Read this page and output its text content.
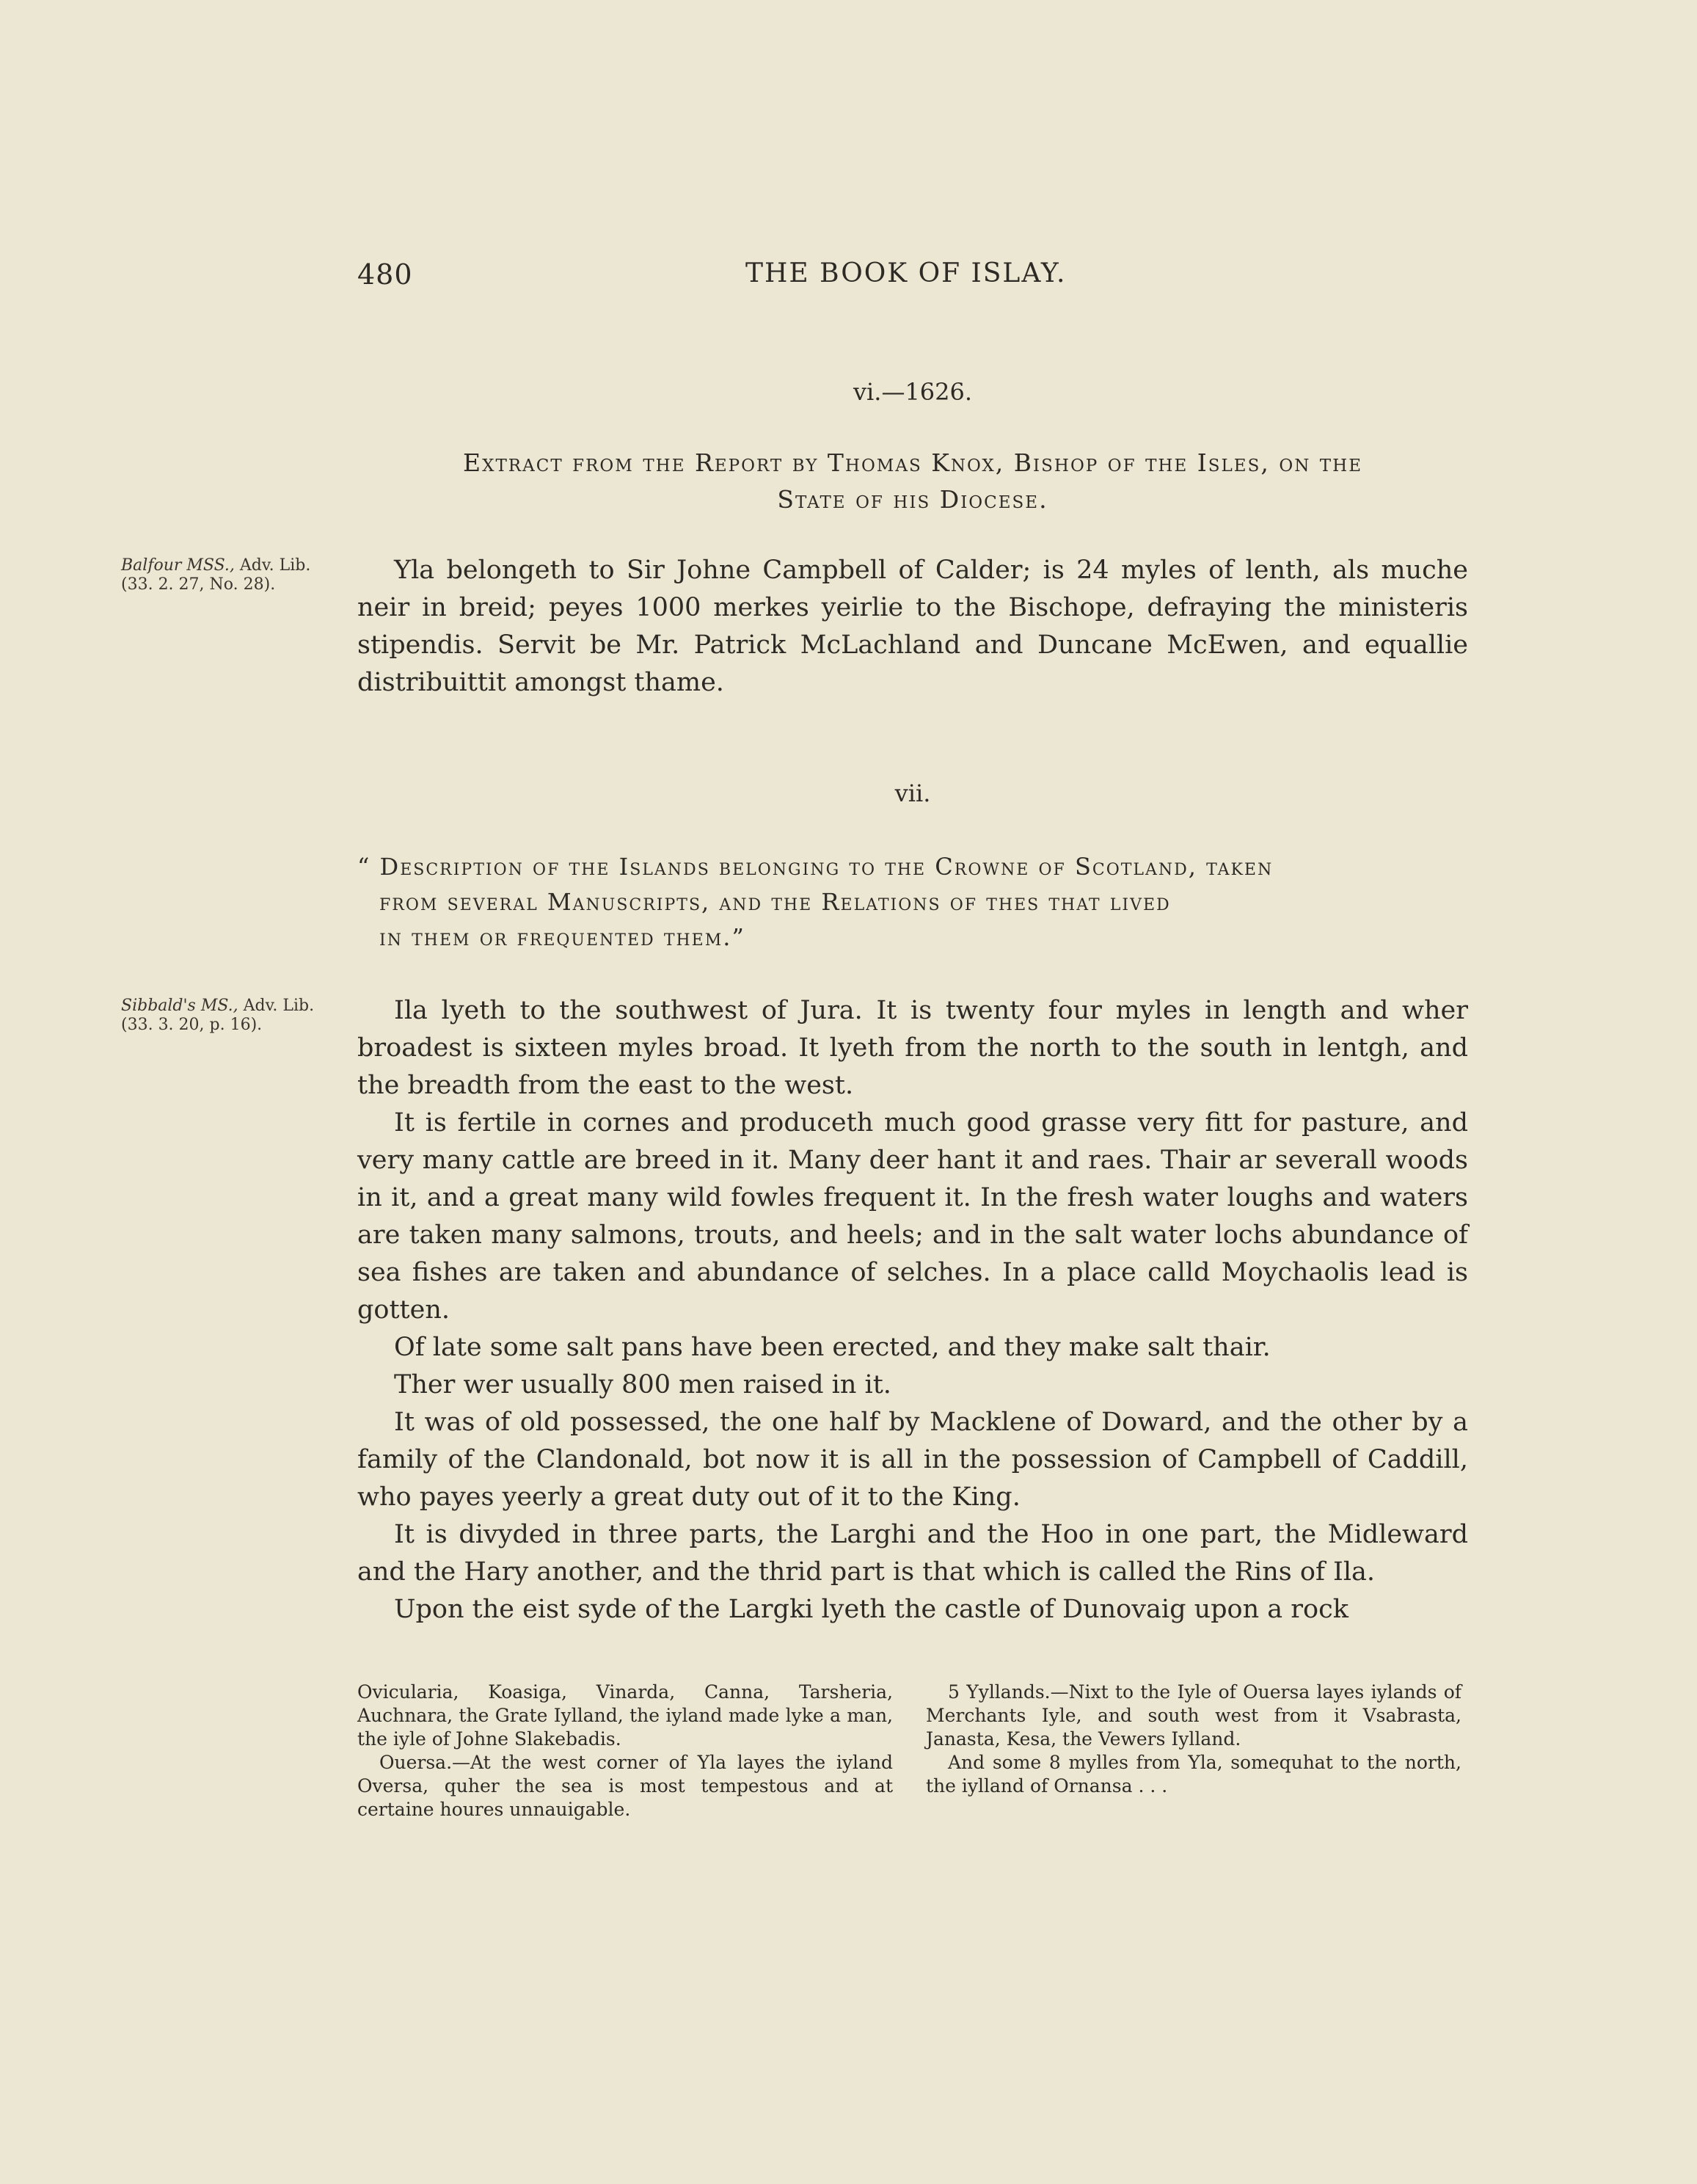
480	THE BOOK OF ISLAY.
vi.—1626.
Extract from the Report by Thomas Knox, Bishop of the Isles, on the
State of his Diocese.
Balfour MSS., Adv. Lib. (33. 2. 27, No. 28).	Yla belongeth to Sir Johne Campbell of Calder; is 24 myles of lenth, als muche neir in breid; peyes 1000 merkes yeirlie to the Bischope, defraying the ministeris stipendis. Servit be Mr. Patrick McLachland and Duncane McEwen, and equallie distribuittit amongst thame.

vii.
“ Description of the Islands belonging to the Crowne of Scotland, taken
from several Manuscripts, and the Relations of thes that lived
in them or frequented them.”
Sibbald's MS., Adv. Lib. (33. 3. 20, p. 16).	Ila lyeth to the southwest of Jura. It is twenty four myles in length and wher broadest is sixteen myles broad. It lyeth from the north to the south in lentgh, and the breadth from the east to the west.

It is fertile in cornes and produceth much good grasse very fitt for pasture, and very many cattle are breed in it. Many deer hant it and raes. Thair ar severall woods in it, and a great many wild fowles frequent it. In the fresh water loughs and waters are taken many salmons, trouts, and heels; and in the salt water lochs abundance of sea fishes are taken and abundance of selches. In a place calld Moychaolis lead is gotten.

Of late some salt pans have been erected, and they make salt thair.

Ther wer usually 800 men raised in it.

It was of old possessed, the one half by Macklene of Doward, and the other by a family of the Clandonald, bot now it is all in the possession of Campbell of Caddill, who payes yeerly a great duty out of it to the King.

It is divyded in three parts, the Larghi and the Hoo in one part, the Midleward and the Hary another, and the thrid part is that which is called the Rins of Ila.

Upon the eist syde of the Largki lyeth the castle of Dunovaig upon a rock

Ovicularia, Koasiga, Vinarda, Canna, Tarsheria, Auchnara, the Grate Iylland, the iyland made lyke a man, the iyle of Johne Slakebadis.

Ouersa.—At the west corner of Yla layes the iyland Oversa, quher the sea is most tempestous and at certaine houres unnauigable.

5 Yyllands.—Nixt to the Iyle of Ouersa layes iylands of Merchants Iyle, and south west from it Vsabrasta, Janasta, Kesa, the Vewers Iylland.

And some 8 mylles from Yla, somequhat to the north, the iylland of Ornansa . . .
